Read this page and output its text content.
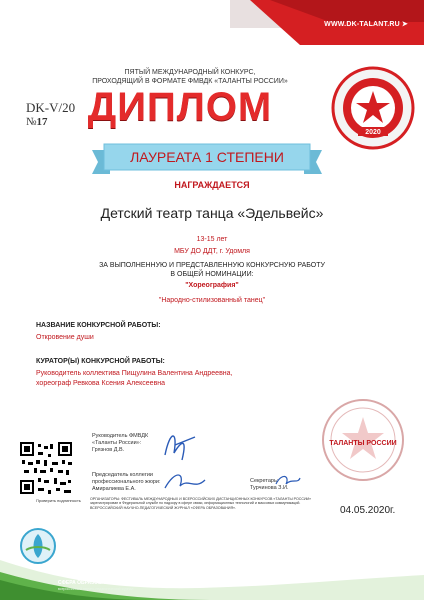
WWW.DK-TALANT.RU ➤
2020
ПЯТЫЙ МЕЖДУНАРОДНЫЙ КОНКУРС,
ПРОХОДЯЩИЙ В ФОРМАТЕ ФМВДК «ТАЛАНТЫ РОССИИ»
DK-V/20
№17	ДИПЛОМ
ЛАУРЕАТА 1 СТЕПЕНИ
НАГРАЖДАЕТСЯ
Детский театр танца «Эдельвейс»
13-15 лет
МБУ ДО ДДТ, г. Удомля
ЗА ВЫПОЛНЕННУЮ И ПРЕДСТАВЛЕННУЮ КОНКУРСНУЮ РАБОТУ
В ОБЩЕЙ НОМИНАЦИИ:
"Хореография"
"Народно-стилизованный танец"
НАЗВАНИЕ КОНКУРСНОЙ РАБОТЫ:
Откровение души
КУРАТОР(Ы) КОНКУРСНОЙ РАБОТЫ:
Руководитель коллектива Пищулина Валентина Андреевна,
хореограф Ревкова Ксения Алексеевна
ТАЛАНТЫ РОССИИ
Руководитель ФМВДК
«Таланты России»:
Грязнов Д.В.
Председатель коллегии
профессионального жюри:
Амиралиева Е.А.
Секретарь:
Турчинова З.И.
04.05.2020г.
Проверить подлинность	ОРГАНИЗАТОРЫ: ФЕСТИВАЛЬ МЕЖДУНАРОДНЫХ И ВСЕРОССИЙСКИХ ДИСТАНЦИОННЫХ КОНКУРСОВ «ТАЛАНТЫ РОССИИ» зарегистрирован в Федеральной службе по надзору в сфере связи, информационных технологий и массовых коммуникаций. ВСЕРОССИЙСКИЙ НАУЧНО-ПЕДАГОГИЧЕСКИЙ ЖУРНАЛ «СФЕРА ОБРАЗОВАНИЯ».
СФЕРА ОБРАЗОВАНИЯ
всероссийский научно-педагогический журнал
